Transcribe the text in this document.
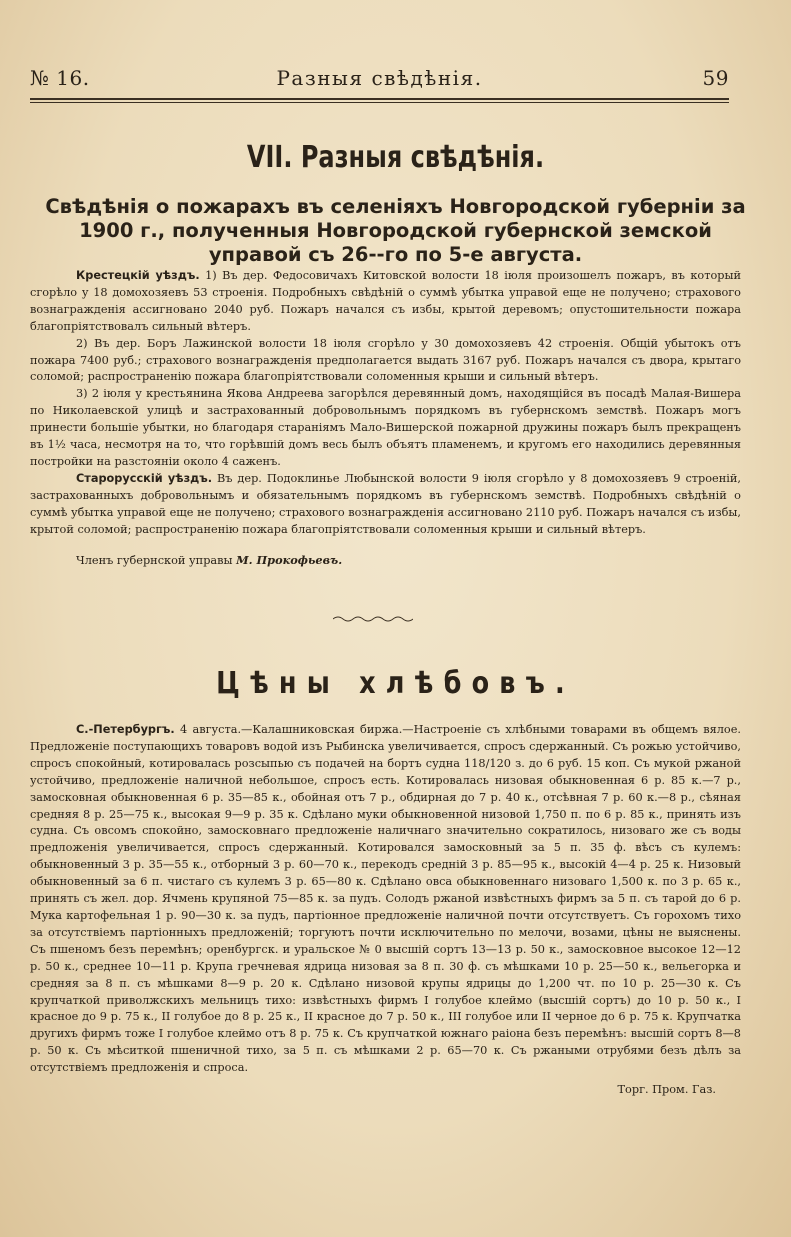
№ 16.	Разныя свѣдѣнія.	59
VII. Разныя свѣдѣнія.
Свѣдѣнія о пожарахъ въ селеніяхъ Новгородской губерніи за 1900 г., полученныя Новгородской губернской земской управой съ 26--го по 5-е августа.

Крестецкій уѣздъ. 1) Въ дер. Федосовичахъ Китовской волости 18 іюля произошелъ пожаръ, въ который сгорѣло у 18 домохозяевъ 53 строенія. Подробныхъ свѣдѣній о суммѣ убытка управой еще не получено; страхового вознагражденія ассигновано 2040 руб. Пожаръ начался съ избы, крытой деревомъ; опустошительности пожара благопріятствовалъ сильный вѣтеръ.

2) Въ дер. Боръ Лажинской волости 18 іюля сгорѣло у 30 домохозяевъ 42 строенія. Общій убытокъ отъ пожара 7400 руб.; страхового вознагражденія предполагается выдать 3167 руб. Пожаръ начался съ двора, крытаго соломой; распространенію пожара благопріятствовали соломенныя крыши и сильный вѣтеръ.

3) 2 іюля у крестьянина Якова Андреева загорѣлся деревянный домъ, находящійся въ посадѣ Малая-Вишера по Николаевской улицѣ и застрахованный добровольнымъ порядкомъ въ губернскомъ земствѣ. Пожаръ могъ принести большіе убытки, но благодаря стараніямъ Мало-Вишерской пожарной дружины пожаръ былъ прекращенъ въ 1½ часа, несмотря на то, что горѣвшій домъ весь былъ объятъ пламенемъ, и кругомъ его находились деревянныя постройки на разстояніи около 4 саженъ.

Старорусскій уѣздъ. Въ дер. Подоклинье Любынской волости 9 іюля сгорѣло у 8 домохозяевъ 9 строеній, застрахованныхъ добровольнымъ и обязательнымъ порядкомъ въ губернскомъ земствѣ. Подробныхъ свѣдѣній о суммѣ убытка управой еще не получено; страхового вознагражденія ассигновано 2110 руб. Пожаръ начался съ избы, крытой соломой; распространенію пожара благопріятствовали соломенныя крыши и сильный вѣтеръ.

Членъ губернской управы М. Прокофьевъ.
Цѣны хлѣбовъ.

С.-Петербургъ. 4 августа.—Калашниковская биржа.—Настроеніе съ хлѣбными товарами въ общемъ вялое. Предложеніе поступающихъ товаровъ водой изъ Рыбинска увеличивается, спросъ сдержанный. Съ рожью устойчиво, спросъ спокойный, котировалась розсыпью съ подачей на бортъ судна 118/120 з. до 6 руб. 15 коп. Съ мукой ржаной устойчиво, предложеніе наличной небольшое, спросъ есть. Котировалась низовая обыкновенная 6 р. 85 к.—7 р., замосковная обыкновенная 6 р. 35—85 к., обойная отъ 7 р., обдирная до 7 р. 40 к., отсѣвная 7 р. 60 к.—8 р., сѣяная средняя 8 р. 25—75 к., высокая 9—9 р. 35 к. Сдѣлано муки обыкновенной низовой 1,750 п. по 6 р. 85 к., принять изъ судна. Съ овсомъ спокойно, замосковнаго предложеніе наличнаго значительно сократилось, низоваго же съ воды предложенія увеличивается, спросъ сдержанный. Котировался замосковный за 5 п. 35 ф. вѣсъ съ кулемъ: обыкновенный 3 р. 35—55 к., отборный 3 р. 60—70 к., перекодъ средній 3 р. 85—95 к., высокій 4—4 р. 25 к. Низовый обыкновенный за 6 п. чистаго съ кулемъ 3 р. 65—80 к. Сдѣлано овса обыкновеннаго низоваго 1,500 к. по 3 р. 65 к., принять съ жел. дор. Ячмень крупяной 75—85 к. за пудъ. Солодъ ржаной извѣстныхъ фирмъ за 5 п. съ тарой до 6 р. Мука картофельная 1 р. 90—30 к. за пудъ, партіонное предложеніе наличной почти отсутствуетъ. Съ горохомъ тихо за отсутствіемъ партіонныхъ предложеній; торгуютъ почти исключительно по мелочи, возами, цѣны не выяснены. Съ пшеномъ безъ перемѣнъ; оренбургск. и уральское № 0 высшій сортъ 13—13 р. 50 к., замосковное высокое 12—12 р. 50 к., среднее 10—11 р. Крупа гречневая ядрица низовая за 8 п. 30 ф. съ мѣшками 10 р. 25—50 к., вельегорка и средняя за 8 п. съ мѣшками 8—9 р. 20 к. Сдѣлано низовой крупы ядрицы до 1,200 чт. по 10 р. 25—30 к. Съ крупчаткой приволжскихъ мельницъ тихо: извѣстныхъ фирмъ I голубое клеймо (высшій сортъ) до 10 р. 50 к., I красное до 9 р. 75 к., II голубое до 8 р. 25 к., II красное до 7 р. 50 к., III голубое или II черное до 6 р. 75 к. Крупчатка другихъ фирмъ тоже I голубое клеймо отъ 8 р. 75 к. Съ крупчаткой южнаго раіона безъ перемѣнъ: высшій сортъ 8—8 р. 50 к. Съ мѣситкой пшеничной тихо, за 5 п. съ мѣшками 2 р. 65—70 к. Съ ржаными отрубями безъ дѣлъ за отсутствіемъ предложенія и спроса.

Торг. Пром. Газ.
